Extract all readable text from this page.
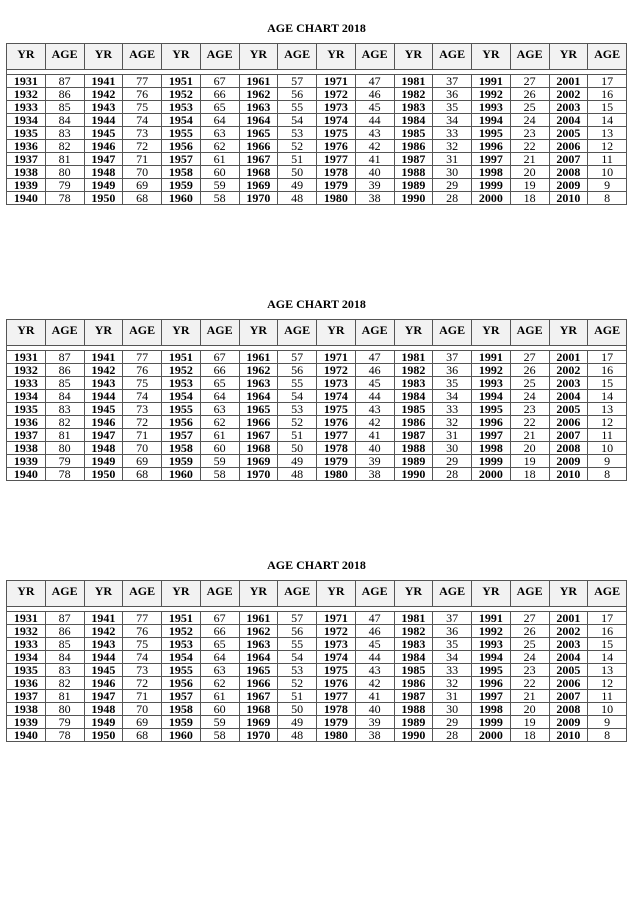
AGE CHART 2018
YR	AGE	YR	AGE	YR	AGE	YR	AGE	YR	AGE	YR	AGE	YR	AGE	YR	AGE

1931	87	1941	77	1951	67	1961	57	1971	47	1981	37	1991	27	2001	17
1932	86	1942	76	1952	66	1962	56	1972	46	1982	36	1992	26	2002	16
1933	85	1943	75	1953	65	1963	55	1973	45	1983	35	1993	25	2003	15
1934	84	1944	74	1954	64	1964	54	1974	44	1984	34	1994	24	2004	14
1935	83	1945	73	1955	63	1965	53	1975	43	1985	33	1995	23	2005	13
1936	82	1946	72	1956	62	1966	52	1976	42	1986	32	1996	22	2006	12
1937	81	1947	71	1957	61	1967	51	1977	41	1987	31	1997	21	2007	11
1938	80	1948	70	1958	60	1968	50	1978	40	1988	30	1998	20	2008	10
1939	79	1949	69	1959	59	1969	49	1979	39	1989	29	1999	19	2009	9
1940	78	1950	68	1960	58	1970	48	1980	38	1990	28	2000	18	2010	8
AGE CHART 2018
YR	AGE	YR	AGE	YR	AGE	YR	AGE	YR	AGE	YR	AGE	YR	AGE	YR	AGE

1931	87	1941	77	1951	67	1961	57	1971	47	1981	37	1991	27	2001	17
1932	86	1942	76	1952	66	1962	56	1972	46	1982	36	1992	26	2002	16
1933	85	1943	75	1953	65	1963	55	1973	45	1983	35	1993	25	2003	15
1934	84	1944	74	1954	64	1964	54	1974	44	1984	34	1994	24	2004	14
1935	83	1945	73	1955	63	1965	53	1975	43	1985	33	1995	23	2005	13
1936	82	1946	72	1956	62	1966	52	1976	42	1986	32	1996	22	2006	12
1937	81	1947	71	1957	61	1967	51	1977	41	1987	31	1997	21	2007	11
1938	80	1948	70	1958	60	1968	50	1978	40	1988	30	1998	20	2008	10
1939	79	1949	69	1959	59	1969	49	1979	39	1989	29	1999	19	2009	9
1940	78	1950	68	1960	58	1970	48	1980	38	1990	28	2000	18	2010	8
AGE CHART 2018
YR	AGE	YR	AGE	YR	AGE	YR	AGE	YR	AGE	YR	AGE	YR	AGE	YR	AGE

1931	87	1941	77	1951	67	1961	57	1971	47	1981	37	1991	27	2001	17
1932	86	1942	76	1952	66	1962	56	1972	46	1982	36	1992	26	2002	16
1933	85	1943	75	1953	65	1963	55	1973	45	1983	35	1993	25	2003	15
1934	84	1944	74	1954	64	1964	54	1974	44	1984	34	1994	24	2004	14
1935	83	1945	73	1955	63	1965	53	1975	43	1985	33	1995	23	2005	13
1936	82	1946	72	1956	62	1966	52	1976	42	1986	32	1996	22	2006	12
1937	81	1947	71	1957	61	1967	51	1977	41	1987	31	1997	21	2007	11
1938	80	1948	70	1958	60	1968	50	1978	40	1988	30	1998	20	2008	10
1939	79	1949	69	1959	59	1969	49	1979	39	1989	29	1999	19	2009	9
1940	78	1950	68	1960	58	1970	48	1980	38	1990	28	2000	18	2010	8
